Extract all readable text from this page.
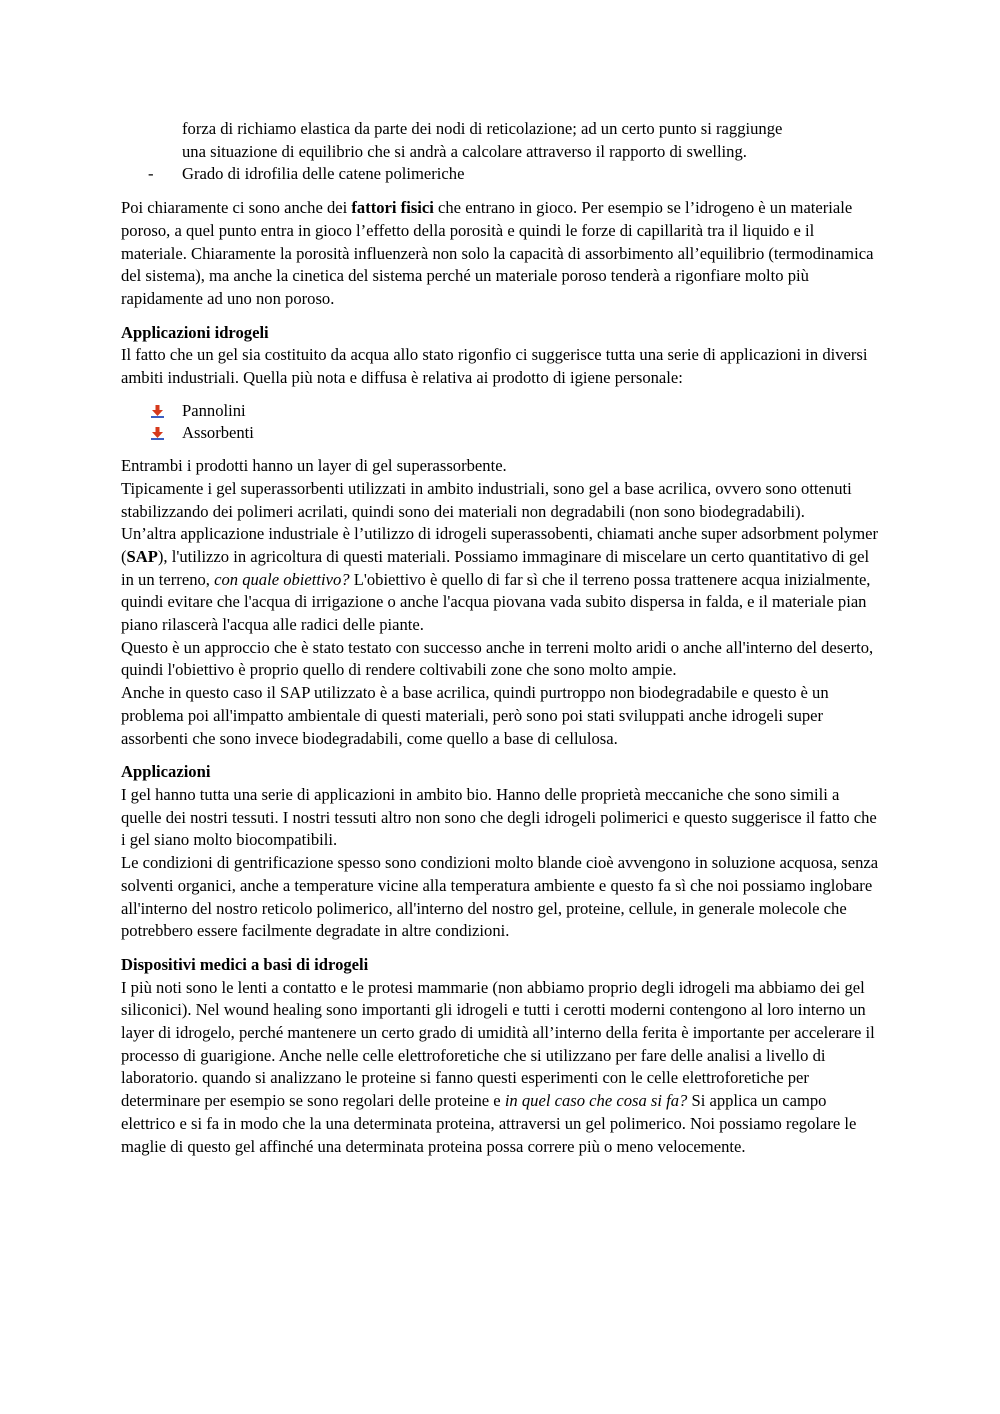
forza di richiamo elastica da parte dei nodi di reticolazione; ad un certo punto si raggiunge

una situazione di equilibrio che si andrà a calcolare attraverso il rapporto di swelling.

- Grado di idrofilia delle catene polimeriche

Poi chiaramente ci sono anche dei fattori fisici che entrano in gioco. Per esempio se l’idrogeno è un materiale poroso, a quel punto entra in gioco l’effetto della porosità e quindi le forze di capillarità tra il liquido e il materiale. Chiaramente la porosità influenzerà non solo la capacità di assorbimento all’equilibrio (termodinamica del sistema), ma anche la cinetica del sistema perché un materiale poroso tenderà a rigonfiare molto più rapidamente ad uno non poroso.

Applicazioni idrogeli

Il fatto che un gel sia costituito da acqua allo stato rigonfio ci suggerisce tutta una serie di applicazioni in diversi ambiti industriali. Quella più nota e diffusa è relativa ai prodotto di igiene personale:

Pannolini
Assorbenti

Entrambi i prodotti hanno un layer di gel superassorbente.

Tipicamente i gel superassorbenti utilizzati in ambito industriali, sono gel a base acrilica, ovvero sono ottenuti stabilizzando dei polimeri acrilati, quindi sono dei materiali non degradabili (non sono biodegradabili).

Un’altra applicazione industriale è l’utilizzo di idrogeli superassobenti, chiamati anche super adsorbment polymer (SAP), l'utilizzo in agricoltura di questi materiali. Possiamo immaginare di miscelare un certo quantitativo di gel in un terreno, con quale obiettivo? L'obiettivo è quello di far sì che il terreno possa trattenere acqua inizialmente, quindi evitare che l'acqua di irrigazione o anche l'acqua piovana vada subito dispersa in falda, e il materiale pian piano rilascerà l'acqua alle radici delle piante.

Questo è un approccio che è stato testato con successo anche in terreni molto aridi o anche all'interno del deserto, quindi l'obiettivo è proprio quello di rendere coltivabili zone che sono molto ampie.

Anche in questo caso il SAP utilizzato è a base acrilica, quindi purtroppo non biodegradabile e questo è un problema poi all'impatto ambientale di questi materiali, però sono poi stati sviluppati anche idrogeli super assorbenti che sono invece biodegradabili, come quello a base di cellulosa.

Applicazioni

I gel hanno tutta una serie di applicazioni in ambito bio. Hanno delle proprietà meccaniche che sono simili a quelle dei nostri tessuti. I nostri tessuti altro non sono che degli idrogeli polimerici e questo suggerisce il fatto che i gel siano molto biocompatibili.

Le condizioni di gentrificazione spesso sono condizioni molto blande cioè avvengono in soluzione acquosa, senza solventi organici, anche a temperature vicine alla temperatura ambiente e questo fa sì che noi possiamo inglobare all'interno del nostro reticolo polimerico, all'interno del nostro gel, proteine, cellule, in generale molecole che potrebbero essere facilmente degradate in altre condizioni.

Dispositivi medici a basi di idrogeli

I più noti sono le lenti a contatto e le protesi mammarie (non abbiamo proprio degli idrogeli ma abbiamo dei gel siliconici). Nel wound healing sono importanti gli idrogeli e tutti i cerotti moderni contengono al loro interno un layer di idrogelo, perché mantenere un certo grado di umidità all’interno della ferita è importante per accelerare il processo di guarigione. Anche nelle celle elettroforetiche che si utilizzano per fare delle analisi a livello di laboratorio. quando si analizzano le proteine si fanno questi esperimenti con le celle elettroforetiche per determinare per esempio se sono regolari delle proteine e in quel caso che cosa si fa? Si applica un campo elettrico e si fa in modo che la una determinata proteina, attraversi un gel polimerico. Noi possiamo regolare le maglie di questo gel affinché una determinata proteina possa correre più o meno velocemente.
